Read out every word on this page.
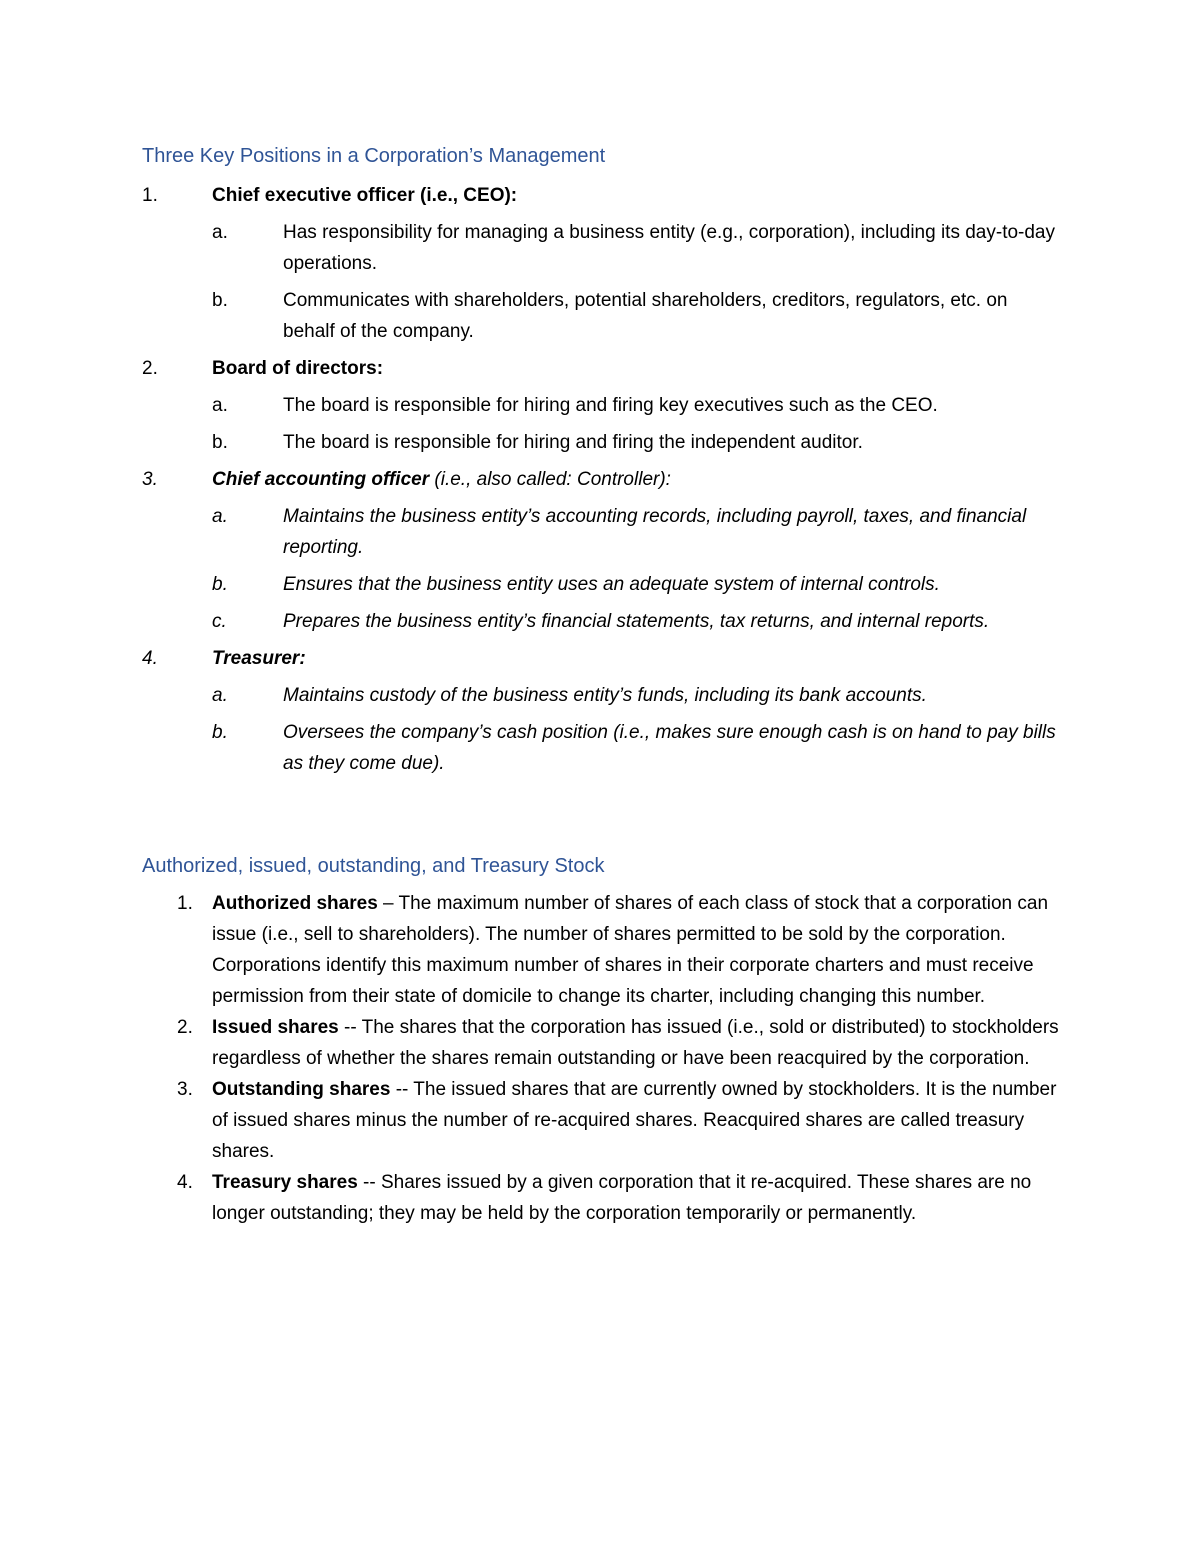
Three Key Positions in a Corporation’s Management

1.	Chief executive officer (i.e., CEO):

a.	Has responsibility for managing a business entity (e.g., corporation), including its day-to-day operations.

b.	Communicates with shareholders, potential shareholders, creditors, regulators, etc. on behalf of the company.

2.	Board of directors:

a.	The board is responsible for hiring and firing key executives such as the CEO.

b.	The board is responsible for hiring and firing the independent auditor.

3.	Chief accounting officer (i.e., also called: Controller):

a.	Maintains the business entity’s accounting records, including payroll, taxes, and financial reporting.

b.	Ensures that the business entity uses an adequate system of internal controls.

c.	Prepares the business entity’s financial statements, tax returns, and internal reports.

4.	Treasurer:

a.	Maintains custody of the business entity’s funds, including its bank accounts.

b.	Oversees the company’s cash position (i.e., makes sure enough cash is on hand to pay bills as they come due).

Authorized, issued, outstanding, and Treasury Stock

1. Authorized shares – The maximum number of shares of each class of stock that a corporation can issue (i.e., sell to shareholders). The number of shares permitted to be sold by the corporation. Corporations identify this maximum number of shares in their corporate charters and must receive permission from their state of domicile to change its charter, including changing this number.

2. Issued shares -- The shares that the corporation has issued (i.e., sold or distributed) to stockholders regardless of whether the shares remain outstanding or have been reacquired by the corporation.

3. Outstanding shares -- The issued shares that are currently owned by stockholders. It is the number of issued shares minus the number of re-acquired shares. Reacquired shares are called treasury shares.

4. Treasury shares -- Shares issued by a given corporation that it re-acquired. These shares are no longer outstanding; they may be held by the corporation temporarily or permanently.
